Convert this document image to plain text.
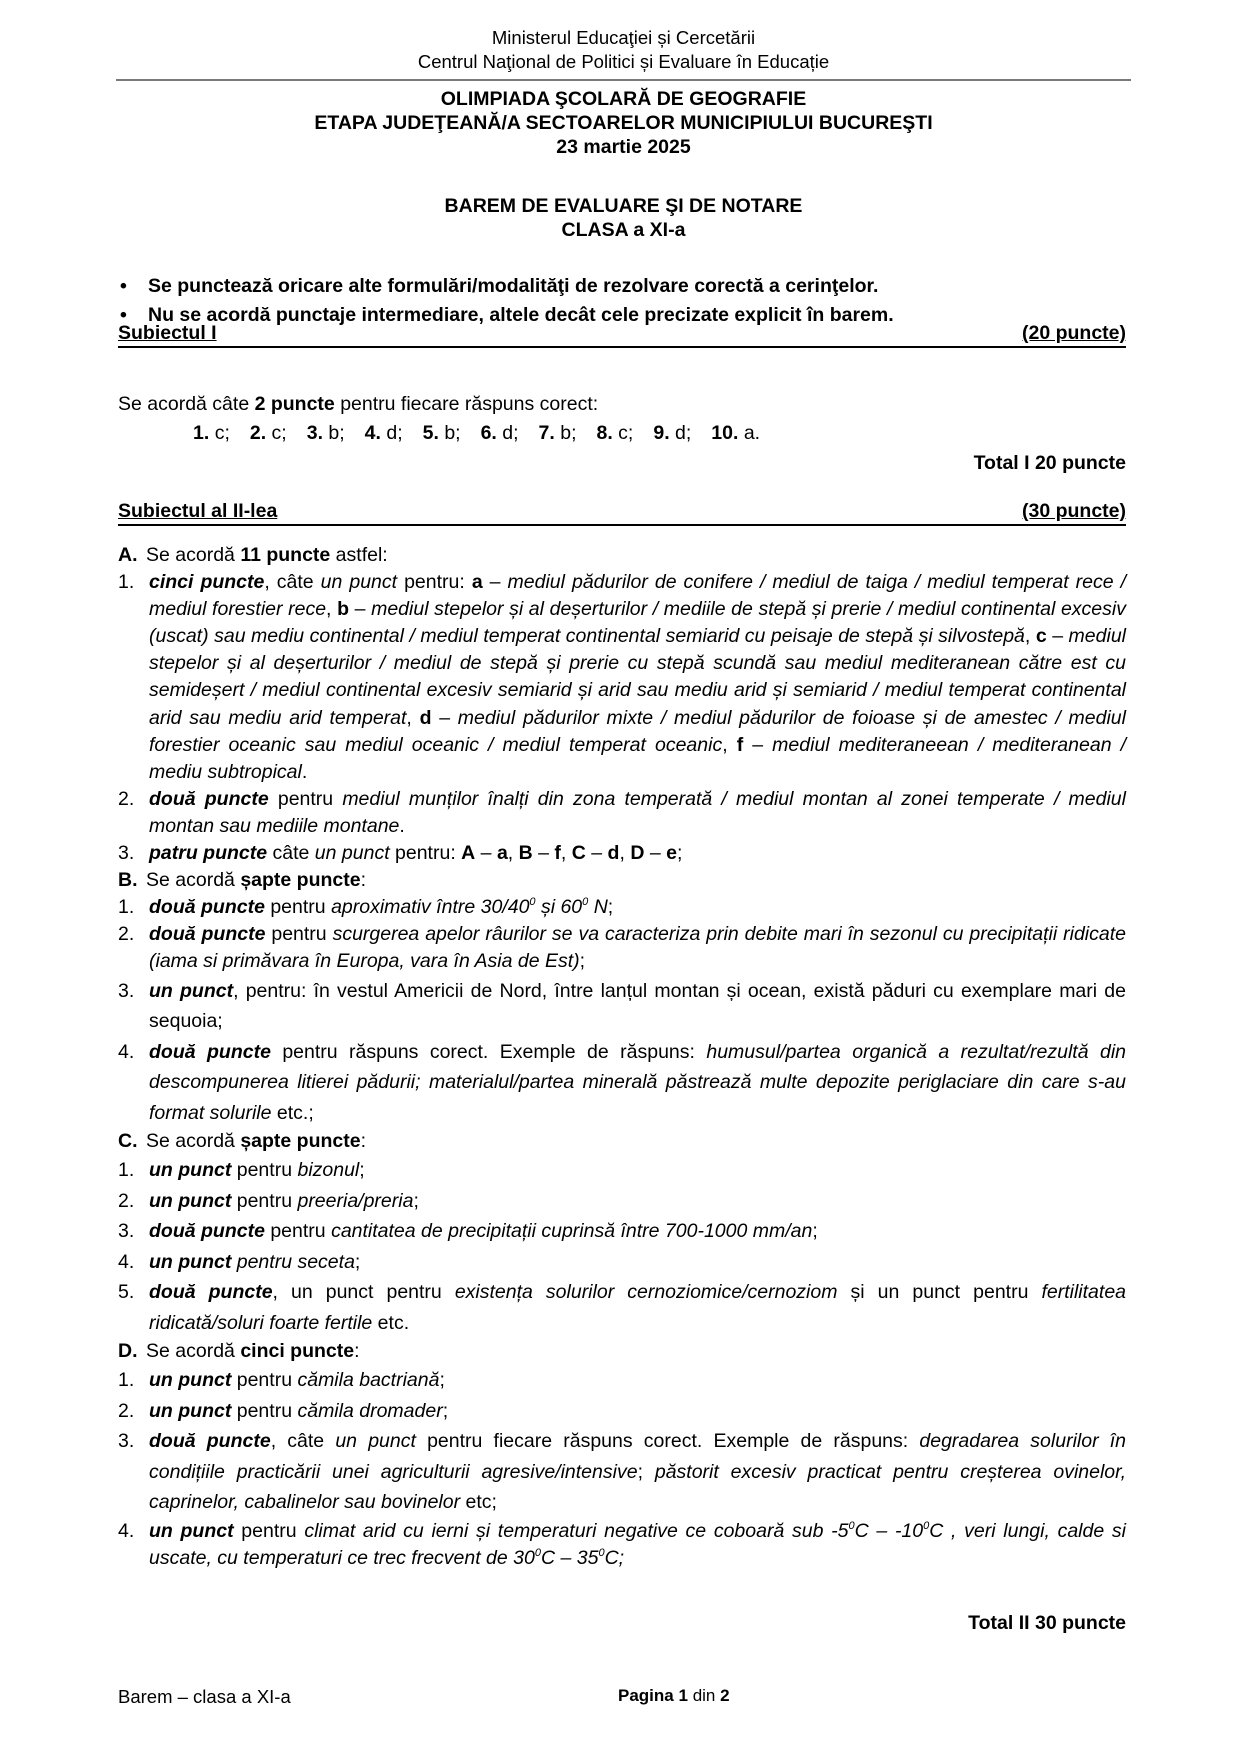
Ministerul Educaţiei și Cercetării
Centrul Naţional de Politici și Evaluare în Educație
OLIMPIADA ŞCOLARĂ DE GEOGRAFIE
ETAPA JUDEŢEANĂ/A SECTOARELOR MUNICIPIULUI BUCUREŞTI
23 martie 2025
BAREM DE EVALUARE ŞI DE NOTARE
CLASA a XI-a
• Se punctează oricare alte formulări/modalităţi de rezolvare corectă a cerinţelor.
• Nu se acordă punctaje intermediare, altele decât cele precizate explicit în barem.
Subiectul I	(20 puncte)
Se acordă câte 2 puncte pentru fiecare răspuns corect:
1. c; 2. c; 3. b; 4. d; 5. b; 6. d; 7. b; 8. c; 9. d; 10. a.
Total I 20 puncte
Subiectul al II-lea	(30 puncte)
A. Se acordă 11 puncte astfel:
1. cinci puncte, câte un punct pentru: a – mediul pădurilor de conifere / mediul de taiga / mediul temperat rece / mediul forestier rece, b – mediul stepelor și al deșerturilor / mediile de stepă și prerie / mediul continental excesiv (uscat) sau mediu continental / mediul temperat continental semiarid cu peisaje de stepă și silvostepă, c – mediul stepelor și al deșerturilor / mediul de stepă și prerie cu stepă scundă sau mediul mediteranean către est cu semideșert / mediul continental excesiv semiarid și arid sau mediu arid și semiarid / mediul temperat continental arid sau mediu arid temperat, d – mediul pădurilor mixte / mediul pădurilor de foioase și de amestec / mediul forestier oceanic sau mediul oceanic / mediul temperat oceanic, f – mediul mediteraneean / mediteranean / mediu subtropical.
2. două puncte pentru mediul munților înalți din zona temperată / mediul montan al zonei temperate / mediul montan sau mediile montane.
3. patru puncte câte un punct pentru: A – a, B – f, C – d, D – e;
B. Se acordă șapte puncte:
1. două puncte pentru aproximativ între $30/40^0$ și $60^0$ N;
2. două puncte pentru scurgerea apelor râurilor se va caracteriza prin debite mari în sezonul cu precipitații ridicate (iama si primăvara în Europa, vara în Asia de Est);
3. un punct, pentru: în vestul Americii de Nord, între lanțul montan și ocean, există păduri cu exemplare mari de sequoia;
4. două puncte pentru răspuns corect. Exemple de răspuns: humusul/partea organică a rezultat/rezultă din descompunerea litierei pădurii; materialul/partea minerală păstrează multe depozite periglaciare din care s-au format solurile etc.;
C. Se acordă șapte puncte:
1. un punct pentru bizonul;
2. un punct pentru preeria/preria;
3. două puncte pentru cantitatea de precipitații cuprinsă între 700-1000 mm/an;
4. un punct pentru seceta;
5. două puncte, un punct pentru existența solurilor cernoziomice/cernoziom și un punct pentru fertilitatea ridicată/soluri foarte fertile etc.
D. Se acordă cinci puncte:
1. un punct pentru cămila bactriană;
2. un punct pentru cămila dromader;
3. două puncte, câte un punct pentru fiecare răspuns corect. Exemple de răspuns: degradarea solurilor în condițiile practicării unei agriculturii agresive/intensive; păstorit excesiv practicat pentru creșterea ovinelor, caprinelor, cabalinelor sau bovinelor etc;
4. un punct pentru climat arid cu ierni și temperaturi negative ce coboară sub $-5^0C - -10^0C$ , veri lungi, calde si uscate, cu temperaturi ce trec frecvent de $30^0C - 35^0C$;
Total II 30 puncte
Barem – clasa a XI-a	Pagina 1 din 2
